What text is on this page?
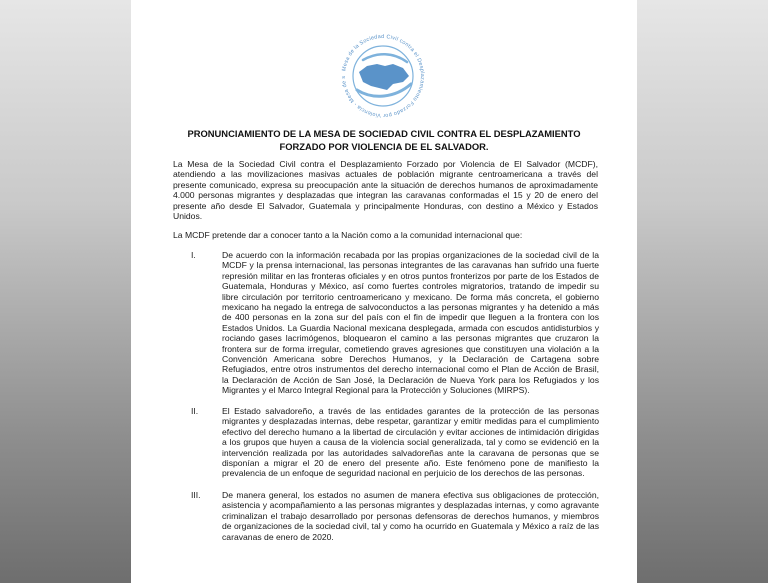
Mesa de la Sociedad Civil contra el Desplazamiento Forzado por Violencia - Mesa de s
PRONUNCIAMIENTO DE LA MESA DE SOCIEDAD CIVIL CONTRA EL DESPLAZAMIENTO
FORZADO POR VIOLENCIA DE EL SALVADOR.

La Mesa de la Sociedad Civil contra el Desplazamiento Forzado por Violencia de El Salvador (MCDF), atendiendo a las movilizaciones masivas actuales de población migrante centroamericana a través del presente comunicado, expresa su preocupación ante la situación de derechos humanos de aproximadamente 4.000 personas migrantes y desplazadas que integran las caravanas conformadas el 15 y 20 de enero del presente año desde El Salvador, Guatemala y principalmente Honduras, con destino a México y Estados Unidos.

La MCDF pretende dar a conocer tanto a la Nación como a la comunidad internacional que:

I.	De acuerdo con la información recabada por las propias organizaciones de la sociedad civil de la MCDF y la prensa internacional, las personas integrantes de las caravanas han sufrido una fuerte represión militar en las fronteras oficiales y en otros puntos fronterizos por parte de los Estados de Guatemala, Honduras y México, así como fuertes controles migratorios, tratando de impedir su libre circulación por territorio centroamericano y mexicano. De forma más concreta, el gobierno mexicano ha negado la entrega de salvoconductos a las personas migrantes y ha detenido a más de 400 personas en la zona sur del país con el fin de impedir que lleguen a la frontera con los Estados Unidos. La Guardia Nacional mexicana desplegada, armada con escudos antidisturbios y rociando gases lacrimógenos, bloquearon el camino a las personas migrantes que cruzaron la frontera sur de forma irregular, cometiendo graves agresiones que constituyen una violación a la Convención Americana sobre Derechos Humanos, y la Declaración de Cartagena sobre Refugiados, entre otros instrumentos del derecho internacional como el Plan de Acción de Brasil, la Declaración de Acción de San José, la Declaración de Nueva York para los Refugiados y los Migrantes y el Marco Integral Regional para la Protección y Soluciones (MIRPS).

II.	El Estado salvadoreño, a través de las entidades garantes de la protección de las personas migrantes y desplazadas internas, debe respetar, garantizar y emitir medidas para el cumplimiento efectivo del derecho humano a la libertad de circulación y evitar acciones de intimidación dirigidas a los grupos que huyen a causa de la violencia social generalizada, tal y como se evidenció en la intervención realizada por las autoridades salvadoreñas ante la caravana de personas que se disponían a migrar el 20 de enero del presente año. Este fenómeno pone de manifiesto la prevalencia de un enfoque de seguridad nacional en perjuicio de los derechos de las personas.

III.	De manera general, los estados no asumen de manera efectiva sus obligaciones de protección, asistencia y acompañamiento a las personas migrantes y desplazadas internas, y como agravante criminalizan el trabajo desarrollado por personas defensoras de derechos humanos, y miembros de organizaciones de la sociedad civil, tal y como ha ocurrido en Guatemala y México a raíz de las caravanas de enero de 2020.
